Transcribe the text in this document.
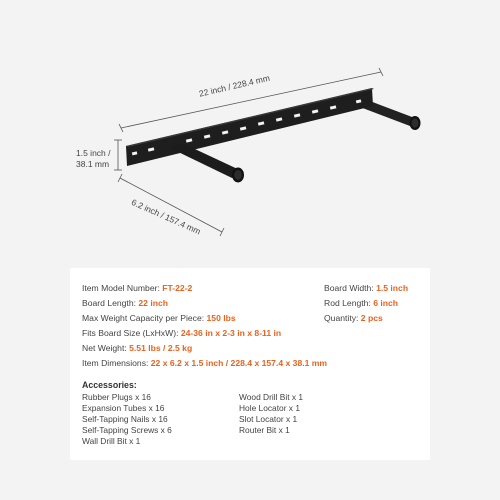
22 inch / 228.4 mm
1.5 inch /
38.1 mm
6.2 inch / 157.4 mm
Item Model Number: FT-22-2
Board Length: 22 inch
Max Weight Capacity per Piece: 150 lbs
Fits Board Size (LxHxW): 24-36 in x 2-3 in x 8-11 in
Net Weight: 5.51 lbs / 2.5 kg
Item Dimensions: 22 x 6.2 x 1.5 inch / 228.4 x 157.4 x 38.1 mm
Board Width: 1.5 inch
Rod Length: 6 inch
Quantity: 2 pcs
Accessories:
Rubber Plugs x 16
Expansion Tubes x 16
Self-Tapping Nails x 16
Self-Tapping Screws x 6
Wall Drill Bit x 1
Wood Drill Bit x 1
Hole Locator x 1
Slot Locator x 1
Router Bit x 1
